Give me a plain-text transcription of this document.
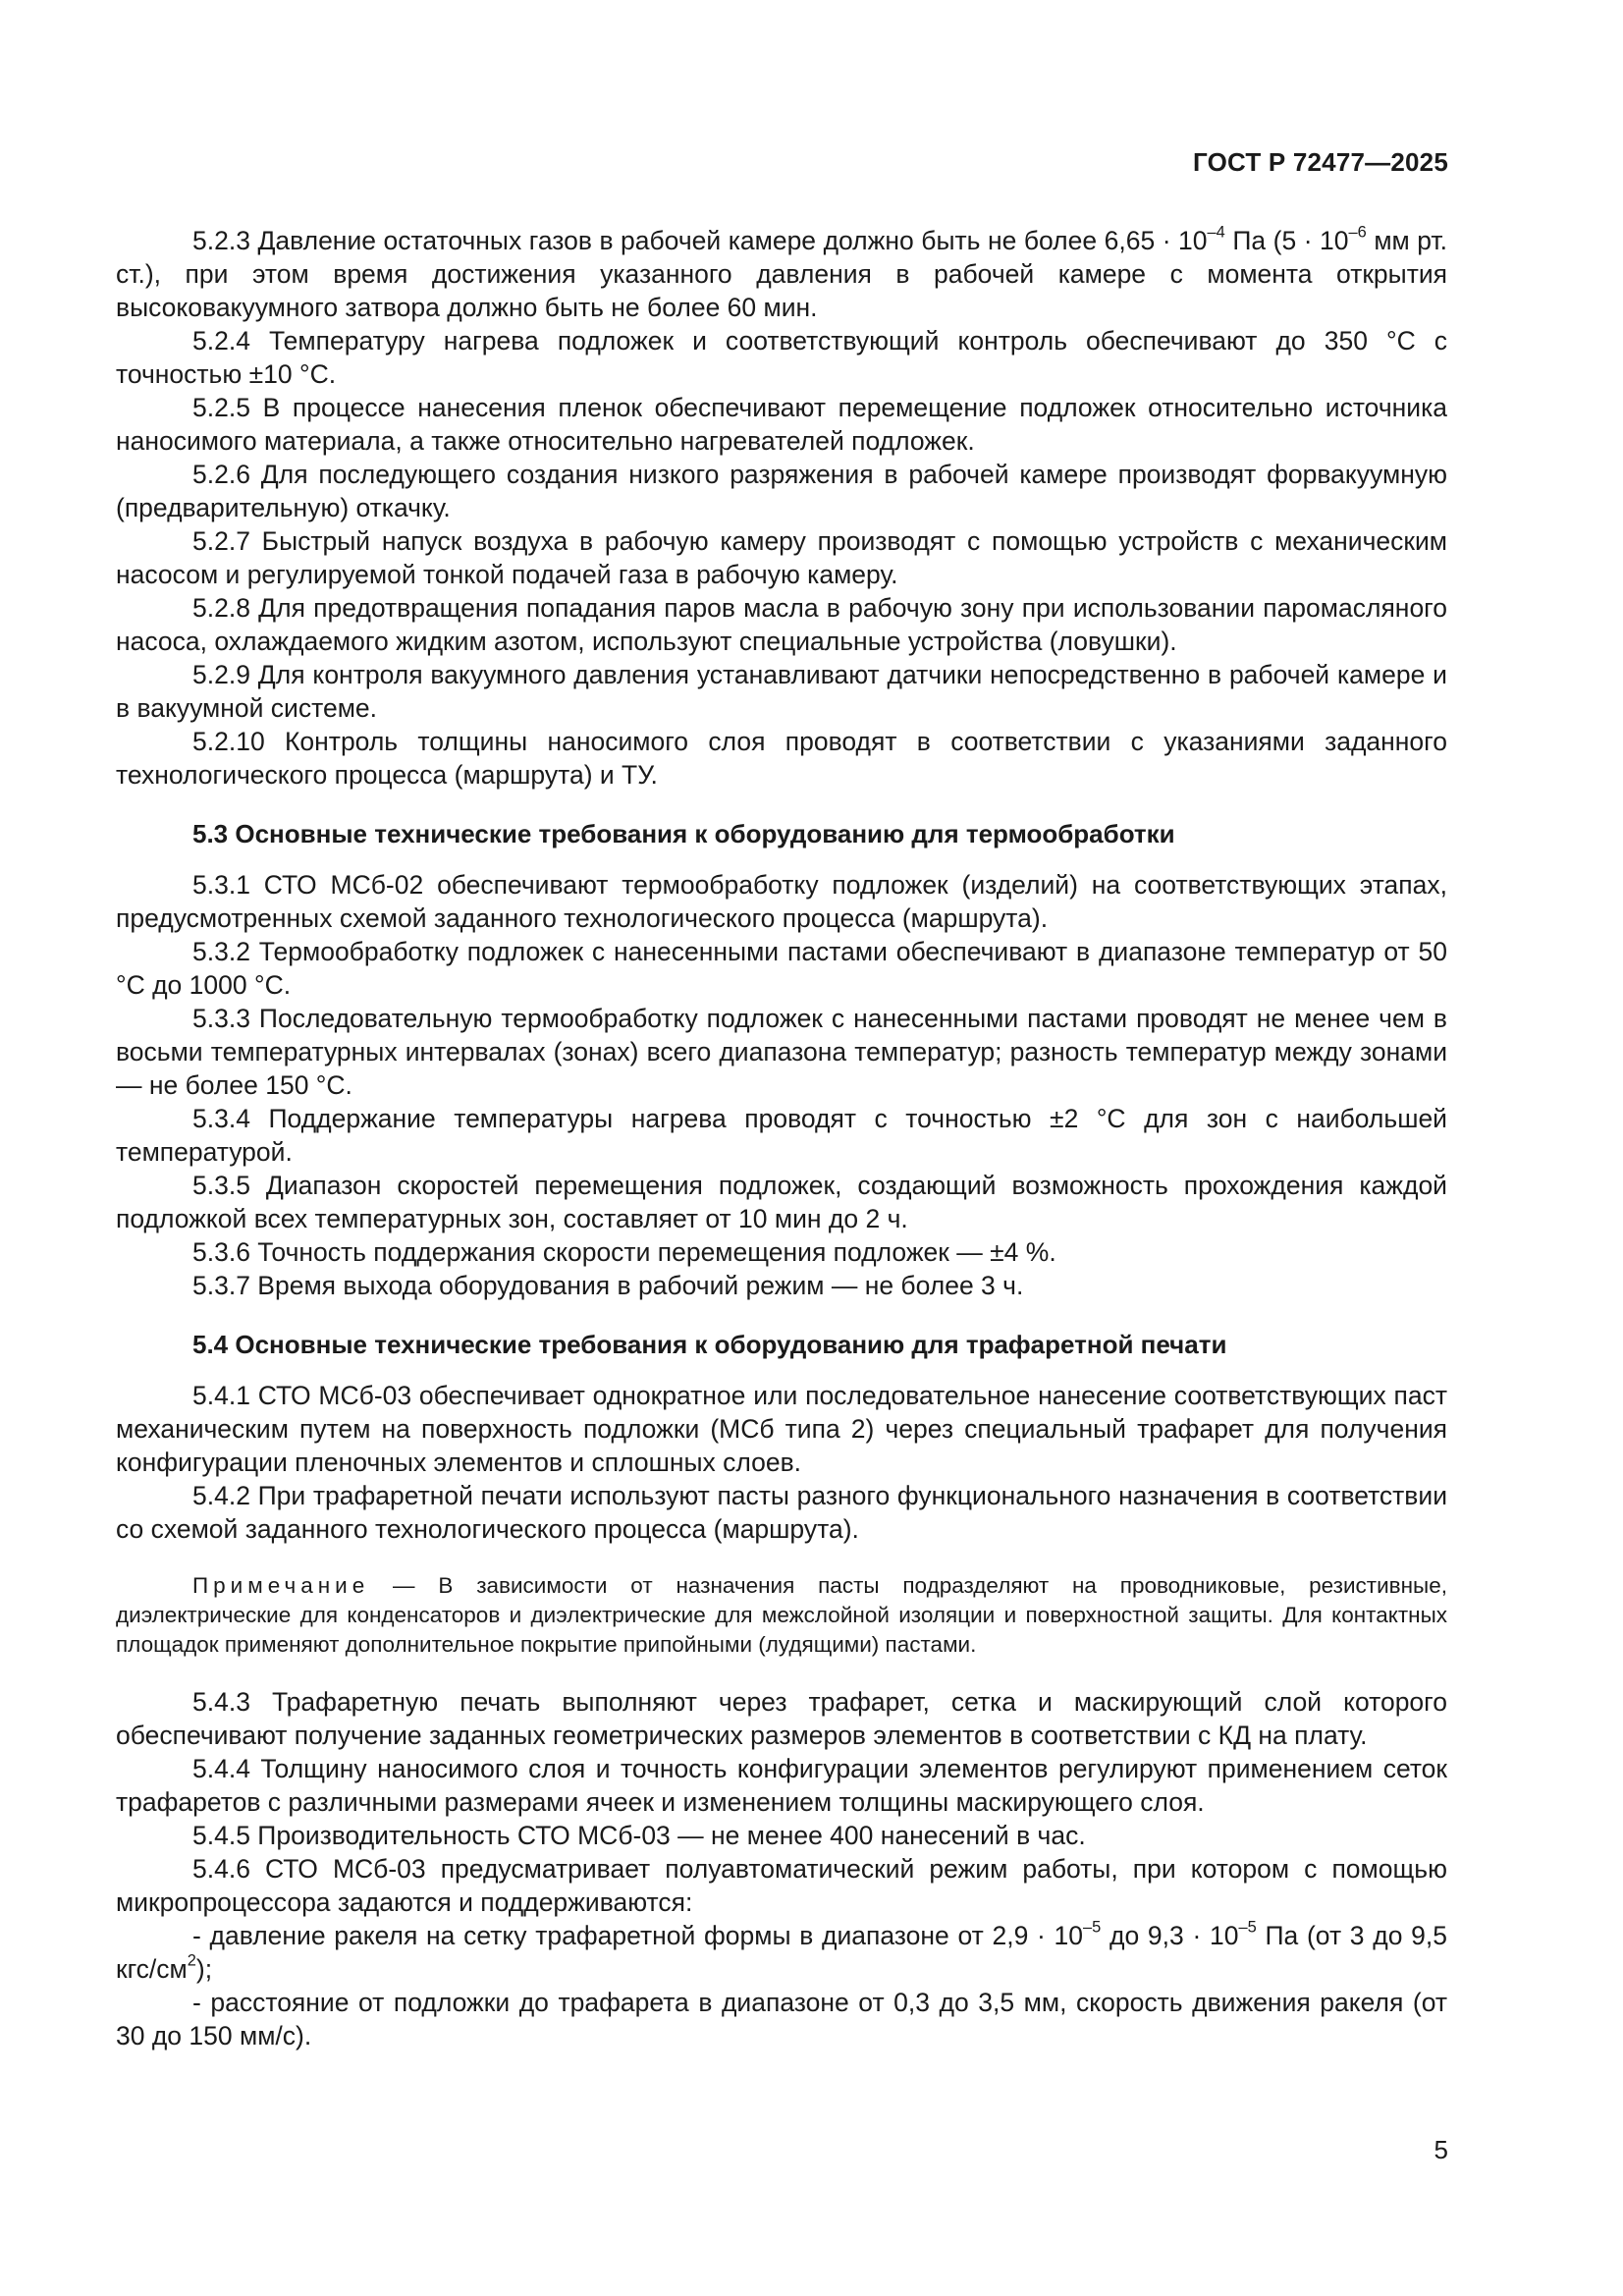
ГОСТ Р 72477—2025

5.2.3 Давление остаточных газов в рабочей камере должно быть не более $6,65 \cdot 10^{-4}$ Па ($5 \cdot 10^{-6}$ мм рт. ст.), при этом время достижения указанного давления в рабочей камере с момента открытия высоковакуумного затвора должно быть не более 60 мин.

5.2.4 Температуру нагрева подложек и соответствующий контроль обеспечивают до 350 °С с точностью ±10 °С.

5.2.5 В процессе нанесения пленок обеспечивают перемещение подложек относительно источника наносимого материала, а также относительно нагревателей подложек.

5.2.6 Для последующего создания низкого разряжения в рабочей камере производят форвакуумную (предварительную) откачку.

5.2.7 Быстрый напуск воздуха в рабочую камеру производят с помощью устройств с механическим насосом и регулируемой тонкой подачей газа в рабочую камеру.

5.2.8 Для предотвращения попадания паров масла в рабочую зону при использовании паромасляного насоса, охлаждаемого жидким азотом, используют специальные устройства (ловушки).

5.2.9 Для контроля вакуумного давления устанавливают датчики непосредственно в рабочей камере и в вакуумной системе.

5.2.10 Контроль толщины наносимого слоя проводят в соответствии с указаниями заданного технологического процесса (маршрута) и ТУ.

5.3 Основные технические требования к оборудованию для термообработки

5.3.1 СТО МСб-02 обеспечивают термообработку подложек (изделий) на соответствующих этапах, предусмотренных схемой заданного технологического процесса (маршрута).

5.3.2 Термообработку подложек с нанесенными пастами обеспечивают в диапазоне температур от 50 °С до 1000 °С.

5.3.3 Последовательную термообработку подложек с нанесенными пастами проводят не менее чем в восьми температурных интервалах (зонах) всего диапазона температур; разность температур между зонами — не более 150 °С.

5.3.4 Поддержание температуры нагрева проводят с точностью ±2 °С для зон с наибольшей температурой.

5.3.5 Диапазон скоростей перемещения подложек, создающий возможность прохождения каждой подложкой всех температурных зон, составляет от 10 мин до 2 ч.

5.3.6 Точность поддержания скорости перемещения подложек — ±4 %.

5.3.7 Время выхода оборудования в рабочий режим — не более 3 ч.

5.4 Основные технические требования к оборудованию для трафаретной печати

5.4.1 СТО МСб-03 обеспечивает однократное или последовательное нанесение соответствующих паст механическим путем на поверхность подложки (МСб типа 2) через специальный трафарет для получения конфигурации пленочных элементов и сплошных слоев.

5.4.2 При трафаретной печати используют пасты разного функционального назначения в соответствии со схемой заданного технологического процесса (маршрута).

Примечание — В зависимости от назначения пасты подразделяют на проводниковые, резистивные, диэлектрические для конденсаторов и диэлектрические для межслойной изоляции и поверхностной защиты. Для контактных площадок применяют дополнительное покрытие припойными (лудящими) пастами.

5.4.3 Трафаретную печать выполняют через трафарет, сетка и маскирующий слой которого обеспечивают получение заданных геометрических размеров элементов в соответствии с КД на плату.

5.4.4 Толщину наносимого слоя и точность конфигурации элементов регулируют применением сеток трафаретов с различными размерами ячеек и изменением толщины маскирующего слоя.

5.4.5 Производительность СТО МСб-03 — не менее 400 нанесений в час.

5.4.6 СТО МСб-03 предусматривает полуавтоматический режим работы, при котором с помощью микропроцессора задаются и поддерживаются:

- давление ракеля на сетку трафаретной формы в диапазоне от $2,9 \cdot 10^{-5}$ до $9,3 \cdot 10^{-5}$ Па (от 3 до 9,5 кгс/$см^2$);

- расстояние от подложки до трафарета в диапазоне от 0,3 до 3,5 мм, скорость движения ракеля (от 30 до 150 мм/с).

5
